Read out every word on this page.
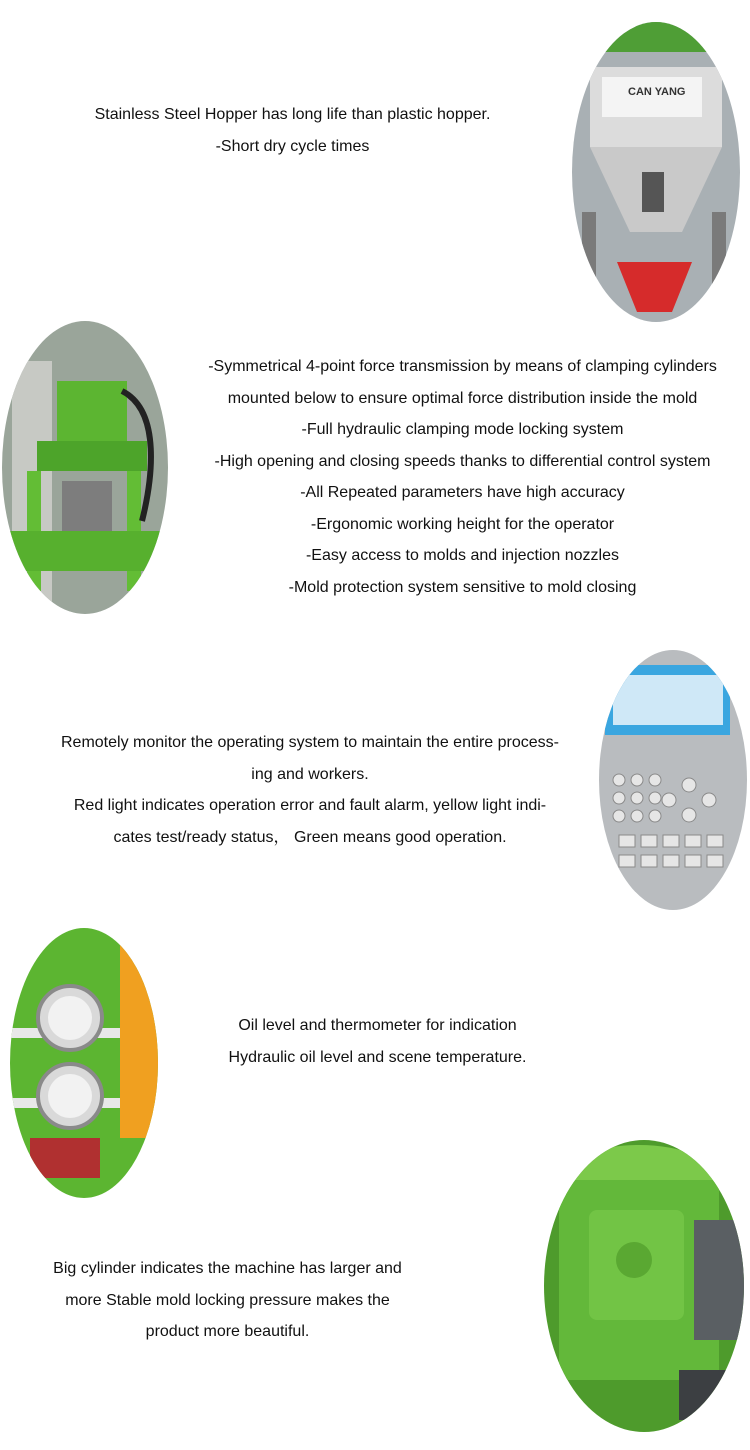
Stainless Steel Hopper has long life than plastic hopper.

-Short dry cycle times

CAN YANG

-Symmetrical 4-point force transmission by means of clamping cylinders

mounted below to ensure optimal force distribution inside the mold

-Full hydraulic clamping mode locking system

-High opening and closing speeds thanks to differential control system

-All Repeated parameters have high accuracy

-Ergonomic working height for the operator

-Easy access to molds and injection nozzles

-Mold protection system sensitive to mold closing

Remotely monitor the operating system to maintain the entire process-

ing and workers.

Red light indicates operation error and fault alarm, yellow light indi-

cates test/ready status， Green means good operation.

Oil level and thermometer for indication

Hydraulic oil level and scene temperature.

Big cylinder indicates the machine has larger and

more Stable mold locking pressure makes the

product more beautiful.
